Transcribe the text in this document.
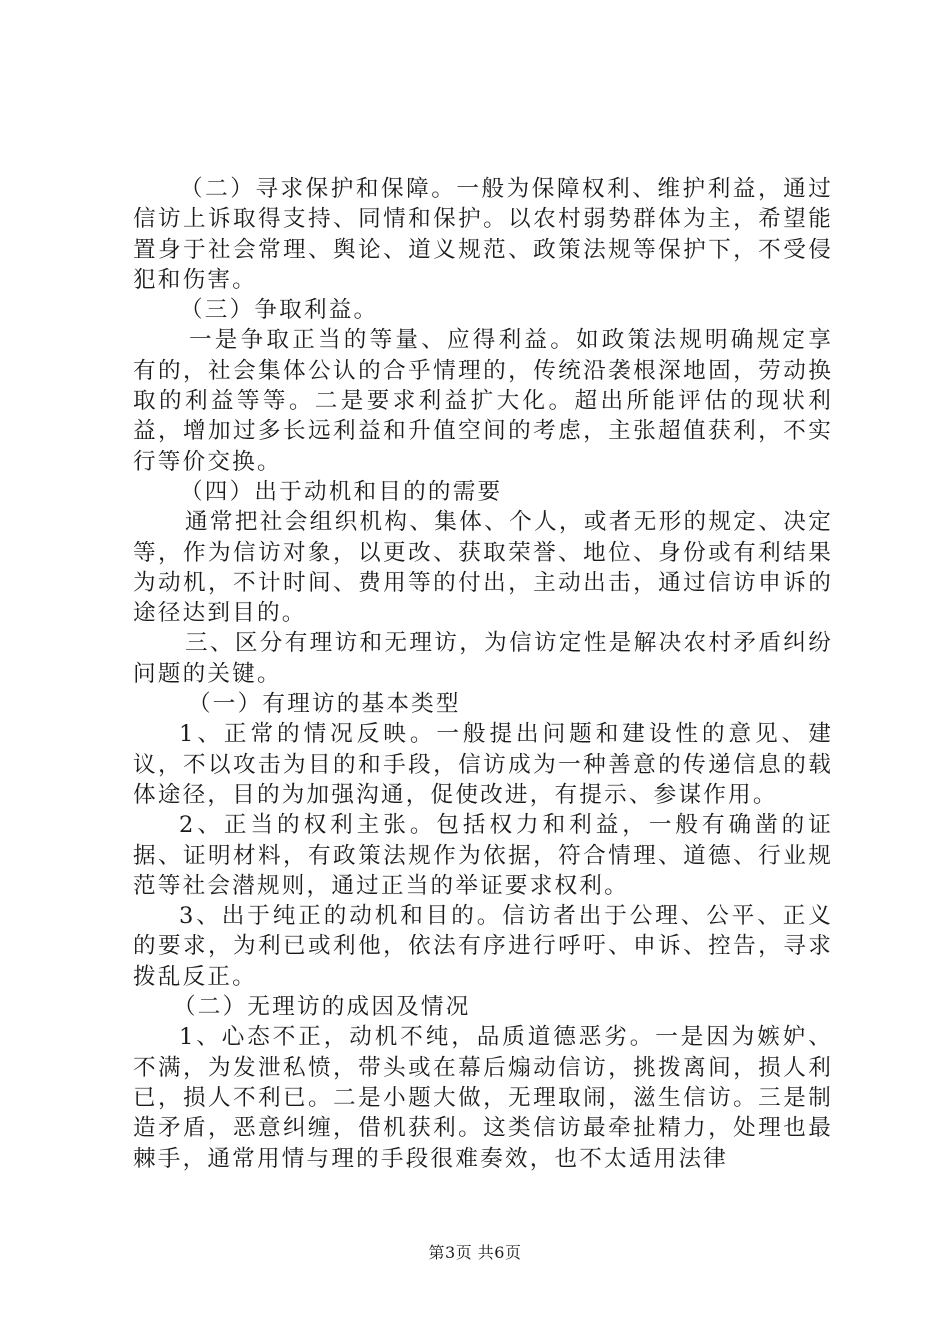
（二）寻求保护和保障。一般为保障权利、维护利益，通过信访上诉取得支持、同情和保护。以农村弱势群体为主，希望能置身于社会常理、舆论、道义规范、政策法规等保护下，不受侵犯和伤害。

（三）争取利益。

一是争取正当的等量、应得利益。如政策法规明确规定享有的，社会集体公认的合乎情理的，传统沿袭根深地固，劳动换取的利益等等。二是要求利益扩大化。超出所能评估的现状利益，增加过多长远利益和升值空间的考虑，主张超值获利，不实行等价交换。

（四）出于动机和目的的需要

通常把社会组织机构、集体、个人，或者无形的规定、决定等，作为信访对象，以更改、获取荣誉、地位、身份或有利结果为动机，不计时间、费用等的付出，主动出击，通过信访申诉的途径达到目的。

三、区分有理访和无理访，为信访定性是解决农村矛盾纠纷问题的关键。

（一）有理访的基本类型

1、正常的情况反映。一般提出问题和建设性的意见、建议，不以攻击为目的和手段，信访成为一种善意的传递信息的载体途径，目的为加强沟通，促使改进，有提示、参谋作用。

2、正当的权利主张。包括权力和利益，一般有确凿的证据、证明材料，有政策法规作为依据，符合情理、道德、行业规范等社会潜规则，通过正当的举证要求权利。

3、出于纯正的动机和目的。信访者出于公理、公平、正义的要求，为利已或利他，依法有序进行呼吁、申诉、控告，寻求拨乱反正。

（二）无理访的成因及情况

1、心态不正，动机不纯，品质道德恶劣。一是因为嫉妒、不满，为发泄私愤，带头或在幕后煽动信访，挑拨离间，损人利已，损人不利已。二是小题大做，无理取闹，滋生信访。三是制造矛盾，恶意纠缠，借机获利。这类信访最牵扯精力，处理也最棘手，通常用情与理的手段很难奏效，也不太适用法律

第3页 共6页
